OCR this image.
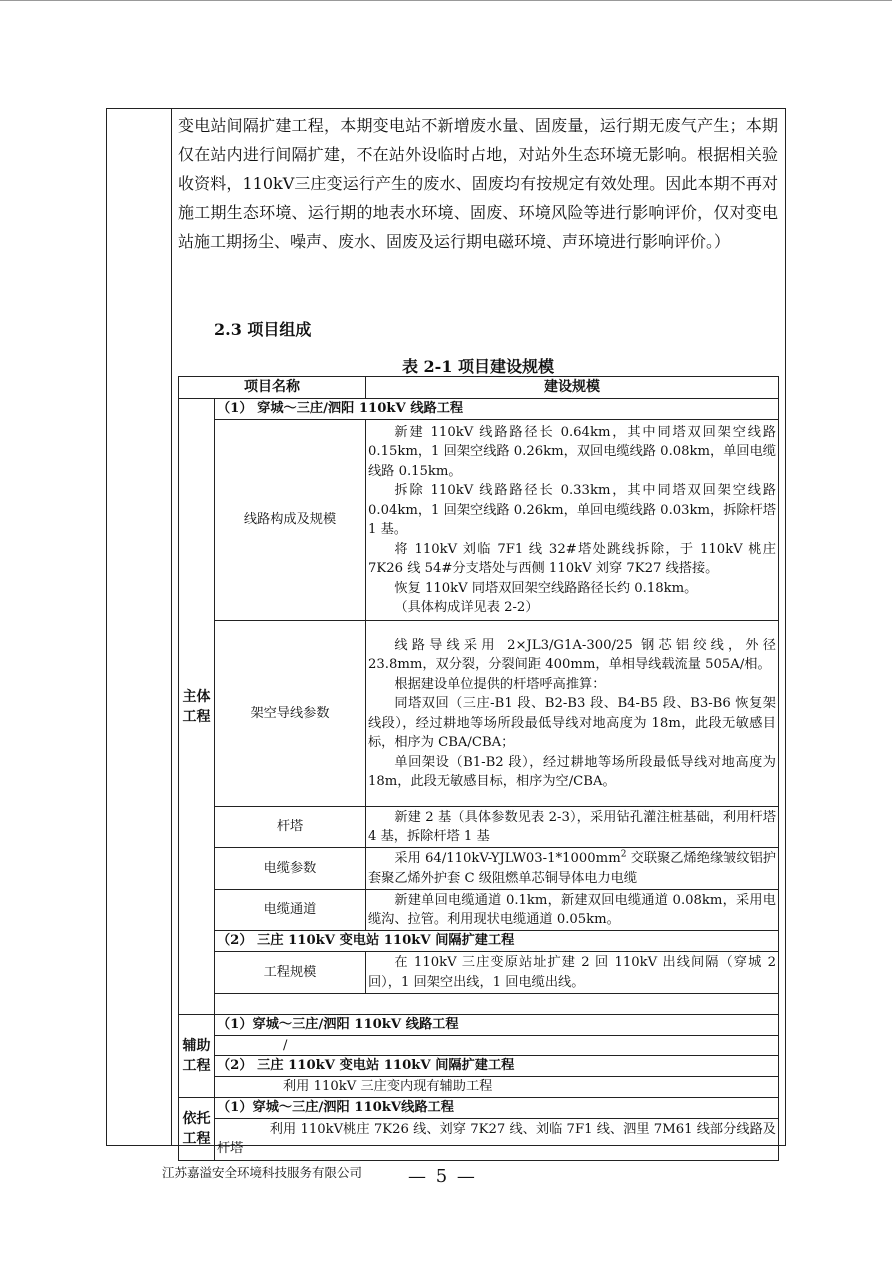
变电站间隔扩建工程，本期变电站不新增废水量、固废量，运行期无废气产生；本期仅在站内进行间隔扩建，不在站外设临时占地，对站外生态环境无影响。根据相关验收资料，110kV三庄变运行产生的废水、固废均有按规定有效处理。因此本期不再对施工期生态环境、运行期的地表水环境、固废、环境风险等进行影响评价，仅对变电站施工期扬尘、噪声、废水、固废及运行期电磁环境、声环境进行影响评价。）

2.3 项目组成

表 2-1 项目建设规模

项目名称		建设规模
主体工程	（1） 穿城～三庄/泗阳 110kV 线路工程	
	线路构成及规模	新建 110kV 线路路径长 0.64km，其中同塔双回架空线路 0.15km，1 回架空线路 0.26km，双回电缆线路 0.08km，单回电缆线路 0.15km。

拆除 110kV 线路路径长 0.33km，其中同塔双回架空线路 0.04km，1 回架空线路 0.26km，单回电缆线路 0.03km，拆除杆塔 1 基。

将 110kV 刘临 7F1 线 32#塔处跳线拆除，于 110kV 桃庄 7K26 线 54#分支塔处与西侧 110kV 刘穿 7K27 线搭接。

恢复 110kV 同塔双回架空线路路径长约 0.18km。

（具体构成详见表 2-2）

	架空导线参数	线路导线采用 2×JL3/G1A-300/25 钢芯铝绞线，外径 23.8mm，双分裂，分裂间距 400mm，单相导线载流量 505A/相。

根据建设单位提供的杆塔呼高推算：

同塔双回（三庄-B1 段、B2-B3 段、B4-B5 段、B3-B6 恢复架线段），经过耕地等场所段最低导线对地高度为 18m，此段无敏感目标，相序为 CBA/CBA；

单回架设（B1-B2 段），经过耕地等场所段最低导线对地高度为 18m，此段无敏感目标，相序为空/CBA。

	杆塔	新建 2 基（具体参数见表 2-3），采用钻孔灌注桩基础，利用杆塔 4 基，拆除杆塔 1 基

	电缆参数	采用 $64/110kV-YJLW03-1*1000mm^2$ 交联聚乙烯绝缘皱纹铝护套聚乙烯外护套 C 级阻燃单芯铜导体电力电缆

	电缆通道	新建单回电缆通道 0.1km，新建双回电缆通道 0.08km，采用电缆沟、拉管。利用现状电缆通道 0.05km。

	（2） 三庄 110kV 变电站 110kV 间隔扩建工程	
	工程规模	在 110kV 三庄变原站址扩建 2 回 110kV 出线间隔（穿城 2 回），1 回架空出线，1 回电缆出线。

辅助工程	（1）穿城～三庄/泗阳 110kV 线路工程	
	/	
	（2） 三庄 110kV 变电站 110kV 间隔扩建工程	
	利用 110kV 三庄变内现有辅助工程	
依托工程	（1）穿城～三庄/泗阳 110kV线路工程	

	利用 110kV桃庄 7K26 线、刘穿 7K27 线、刘临 7F1 线、泗里 7M61 线部分线路及杆塔	

江苏嘉溢安全环境科技服务有限公司	— 5 —
